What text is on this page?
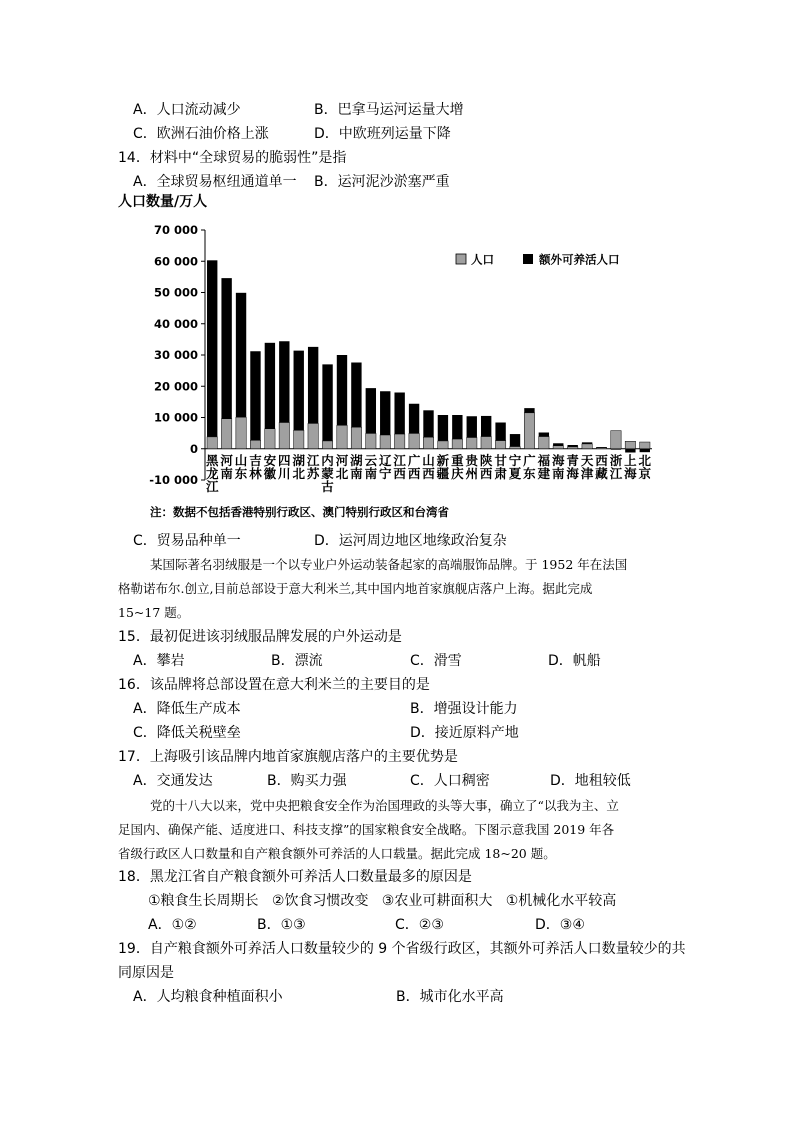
A．人口流动减少	B．巴拿马运河运量大增
C．欧洲石油价格上涨	D．中欧班列运量下降
14．材料中“全球贸易的脆弱性”是指
A．全球贸易枢纽通道单一 B．运河泥沙淤塞严重
人口数量/万人
70 000
60 000
50 000
40 000
30 000
20 000
10 000
0
-10 000
黑
龙
江
河
南
山
东
吉
林
安
徽
四
川
湖
北
江
苏
内
蒙
古
河
北
湖
南
云
南
辽
宁
江
西
广
西
山
西
新
疆
重
庆
贵
州
陕
西
甘
肃
宁
夏
广
东
福
建
海
南
青
海
天
津
西
藏
浙
江
上
海
北
京
人口	额外可养活人口
注：数据不包括香港特别行政区、澳门特别行政区和台湾省
C．贸易品种单一	D．运河周边地区地缘政治复杂
某国际著名羽绒服是一个以专业户外运动装备起家的高端服饰品牌。于 1952 年在法国
格勒诺布尔.创立,目前总部设于意大利米兰,其中国内地首家旗舰店落户上海。据此完成
15~17 题。
15．最初促进该羽绒服品牌发展的户外运动是
A．攀岩	B．漂流	C．滑雪	D．帆船
16．该品牌将总部设置在意大利米兰的主要目的是
A．降低生产成本	B．增强设计能力
C．降低关税壁垒	D．接近原料产地
17．上海吸引该品牌内地首家旗舰店落户的主要优势是
A．交通发达	B．购买力强	C．人口稠密	D．地租较低
党的十八大以来，党中央把粮食安全作为治国理政的头等大事，确立了“以我为主、立
足国内、确保产能、适度进口、科技支撑”的国家粮食安全战略。下图示意我国 2019 年各
省级行政区人口数量和自产粮食额外可养活的人口载量。据此完成 18~20 题。
18．黑龙江省自产粮食额外可养活人口数量最多的原因是
①粮食生长周期长   ②饮食习惯改变   ③农业可耕面积大   ①机械化水平较高
A．①②	B．①③	C．②③	D．③④
19．自产粮食额外可养活人口数量较少的 9 个省级行政区，其额外可养活人口数量较少的共
同原因是
A．人均粮食种植面积小	B．城市化水平高
